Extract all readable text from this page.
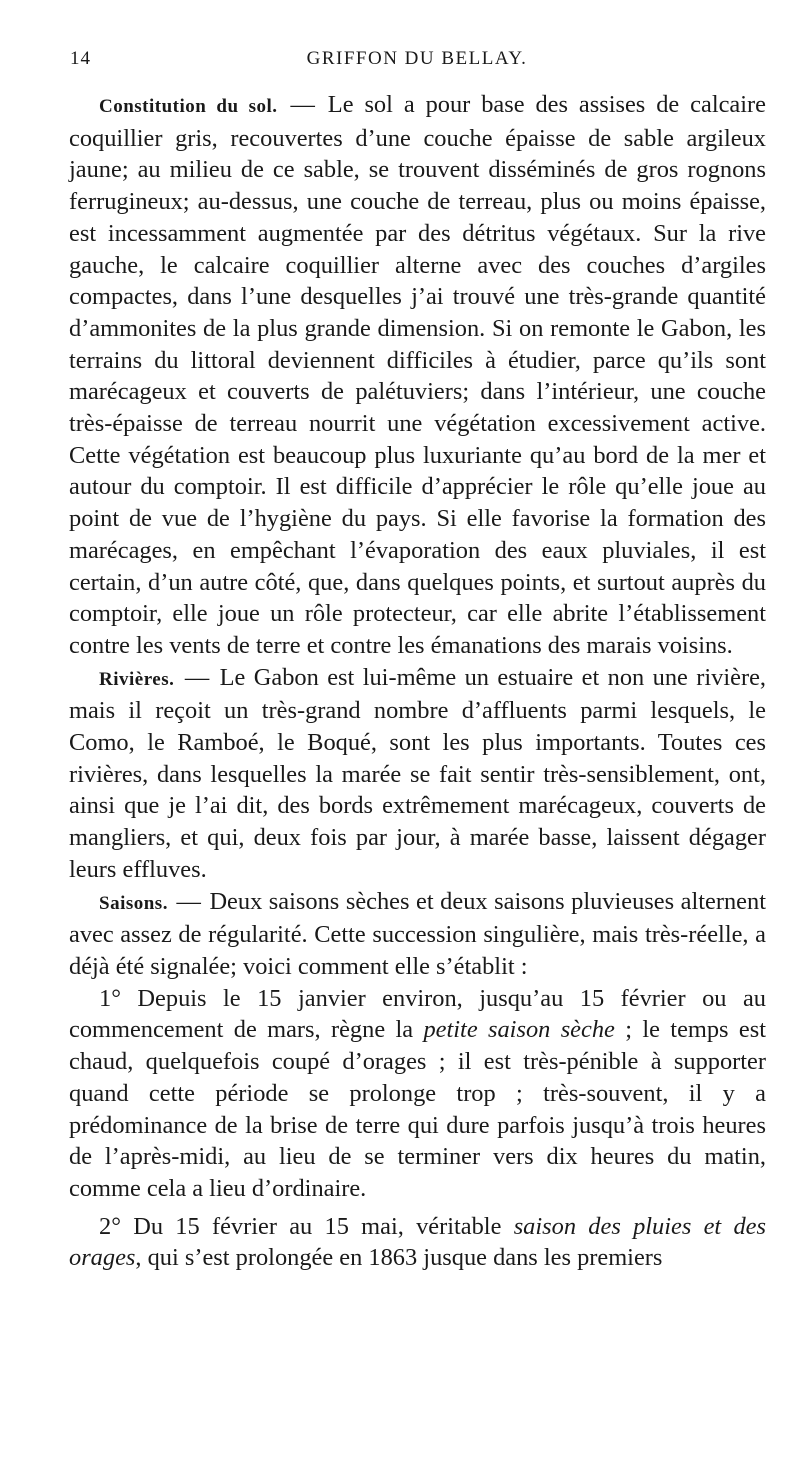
14	GRIFFON DU BELLAY.

Constitution du sol. — Le sol a pour base des assises de calcaire coquillier gris, recouvertes d’une couche épaisse de sable argileux jaune; au milieu de ce sable, se trouvent disséminés de gros rognons ferrugineux; au-dessus, une couche de terreau, plus ou moins épaisse, est incessamment augmentée par des détritus végétaux. Sur la rive gauche, le calcaire coquillier alterne avec des couches d’argiles compactes, dans l’une desquelles j’ai trouvé une très-grande quantité d’ammonites de la plus grande dimension. Si on remonte le Gabon, les terrains du littoral deviennent difficiles à étudier, parce qu’ils sont marécageux et couverts de palétuviers; dans l’intérieur, une couche très-épaisse de terreau nourrit une végétation excessivement active. Cette végétation est beaucoup plus luxuriante qu’au bord de la mer et autour du comptoir. Il est difficile d’apprécier le rôle qu’elle joue au point de vue de l’hygiène du pays. Si elle favorise la formation des marécages, en empêchant l’évaporation des eaux pluviales, il est certain, d’un autre côté, que, dans quelques points, et surtout auprès du comptoir, elle joue un rôle protecteur, car elle abrite l’établissement contre les vents de terre et contre les émanations des marais voisins.

Rivières. — Le Gabon est lui-même un estuaire et non une rivière, mais il reçoit un très-grand nombre d’affluents parmi lesquels, le Como, le Ramboé, le Boqué, sont les plus importants. Toutes ces rivières, dans lesquelles la marée se fait sentir très-sensiblement, ont, ainsi que je l’ai dit, des bords extrêmement marécageux, couverts de mangliers, et qui, deux fois par jour, à marée basse, laissent dégager leurs effluves.

Saisons. — Deux saisons sèches et deux saisons pluvieuses alternent avec assez de régularité. Cette succession singulière, mais très-réelle, a déjà été signalée; voici comment elle s’établit :

1° Depuis le 15 janvier environ, jusqu’au 15 février ou au commencement de mars, règne la petite saison sèche ; le temps est chaud, quelquefois coupé d’orages ; il est très-pénible à supporter quand cette période se prolonge trop ; très-souvent, il y a prédominance de la brise de terre qui dure parfois jusqu’à trois heures de l’après-midi, au lieu de se terminer vers dix heures du matin, comme cela a lieu d’ordinaire.

2° Du 15 février au 15 mai, véritable saison des pluies et des orages, qui s’est prolongée en 1863 jusque dans les premiers
